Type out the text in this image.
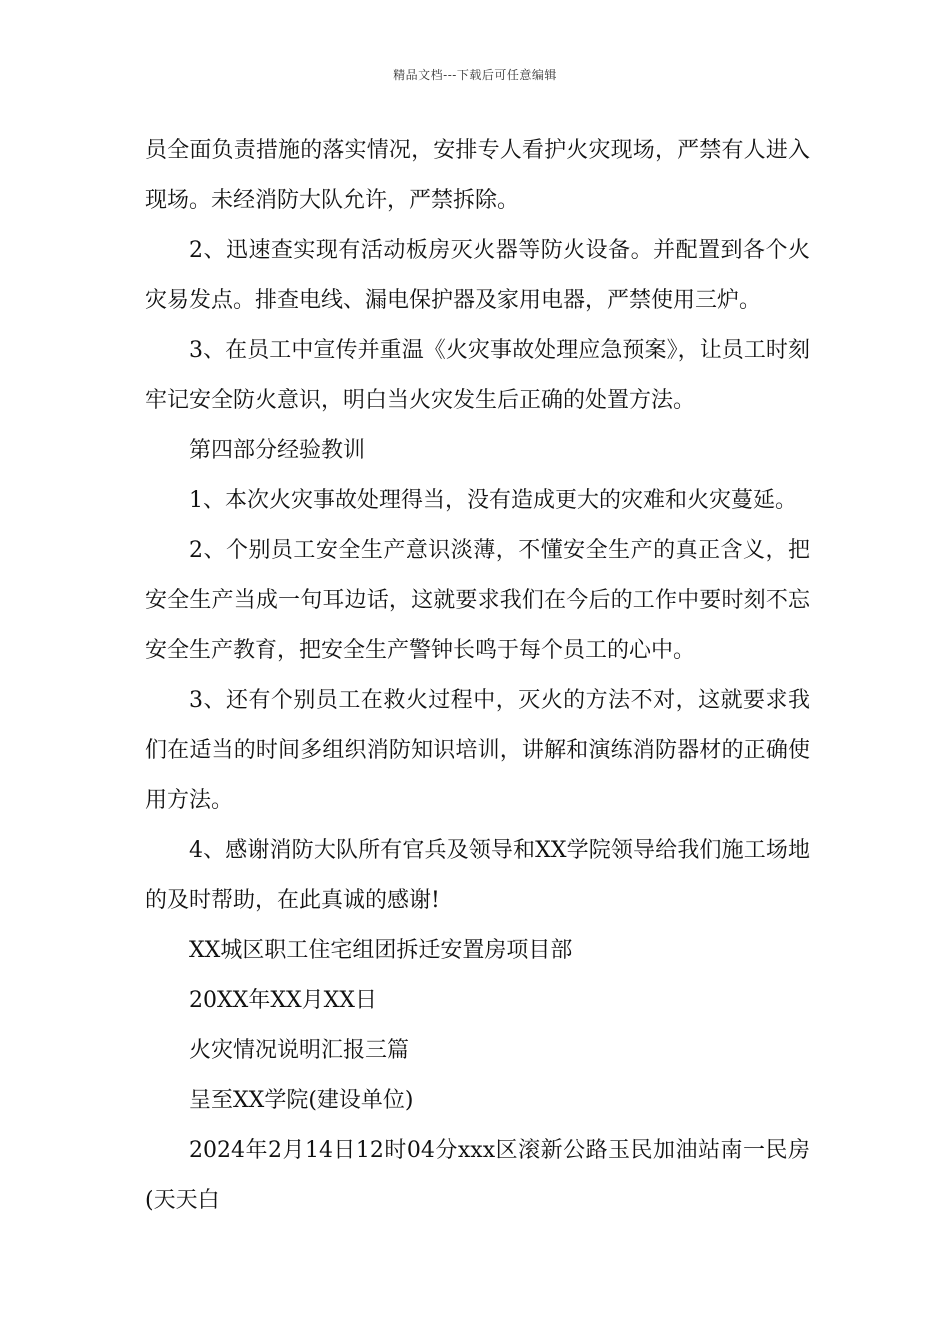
精品文档---下载后可任意编辑

员全面负责措施的落实情况，安排专人看护火灾现场，严禁有人进入现场。未经消防大队允许，严禁拆除。

2、迅速查实现有活动板房灭火器等防火设备。并配置到各个火灾易发点。排查电线、漏电保护器及家用电器，严禁使用三炉。

3、在员工中宣传并重温《火灾事故处理应急预案》，让员工时刻牢记安全防火意识，明白当火灾发生后正确的处置方法。

第四部分经验教训

1、本次火灾事故处理得当，没有造成更大的灾难和火灾蔓延。

2、个别员工安全生产意识淡薄，不懂安全生产的真正含义，把安全生产当成一句耳边话，这就要求我们在今后的工作中要时刻不忘安全生产教育，把安全生产警钟长鸣于每个员工的心中。

3、还有个别员工在救火过程中，灭火的方法不对，这就要求我们在适当的时间多组织消防知识培训，讲解和演练消防器材的正确使用方法。

4、感谢消防大队所有官兵及领导和XX学院领导给我们施工场地的及时帮助，在此真诚的感谢!

XX城区职工住宅组团拆迁安置房项目部

20XX年XX月XX日

火灾情况说明汇报三篇

呈至XX学院(建设单位)

2024年2月14日12时04分xxx区滚新公路玉民加油站南一民房(天天白
